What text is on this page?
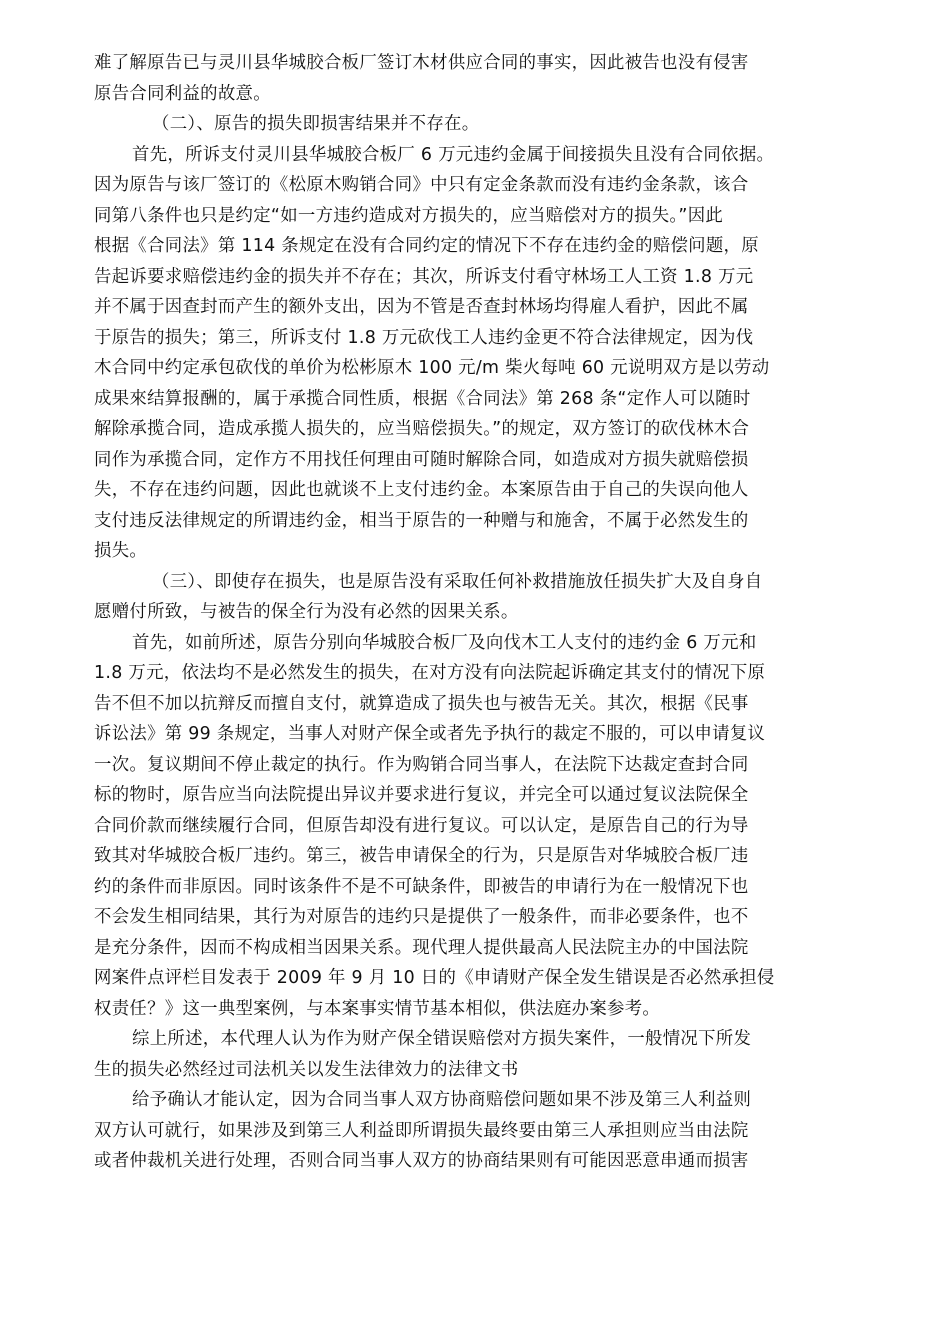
难了解原告已与灵川县华城胶合板厂签订木材供应合同的事实，因此被告也没有侵害
原告合同利益的故意。
（二）、原告的损失即损害结果并不存在。
首先，所诉支付灵川县华城胶合板厂 6 万元违约金属于间接损失且没有合同依据。
因为原告与该厂签订的《松原木购销合同》中只有定金条款而没有违约金条款，该合
同第八条件也只是约定“如一方违约造成对方损失的，应当赔偿对方的损失。”因此
根据《合同法》第 114 条规定在没有合同约定的情况下不存在违约金的赔偿问题，原
告起诉要求赔偿违约金的损失并不存在；其次，所诉支付看守林场工人工资 1.8 万元
并不属于因查封而产生的额外支出，因为不管是否查封林场均得雇人看护，因此不属
于原告的损失；第三，所诉支付 1.8 万元砍伐工人违约金更不符合法律规定，因为伐
木合同中约定承包砍伐的单价为松彬原木 100 元/m 柴火每吨 60 元说明双方是以劳动
成果來结算报酬的，属于承揽合同性质，根据《合同法》第 268 条“定作人可以随时
解除承揽合同，造成承揽人损失的，应当赔偿损失。”的规定，双方签订的砍伐林木合
同作为承揽合同，定作方不用找任何理由可随时解除合同，如造成对方损失就赔偿损
失，不存在违约问题，因此也就谈不上支付违约金。本案原告由于自己的失误向他人
支付违反法律规定的所谓违约金，相当于原告的一种赠与和施舍，不属于必然发生的
损失。
（三）、即使存在损失，也是原告没有采取任何补救措施放任损失扩大及自身自
愿赠付所致，与被告的保全行为没有必然的因果关系。
首先，如前所述，原告分别向华城胶合板厂及向伐木工人支付的违约金 6 万元和
1.8 万元，依法均不是必然发生的损失，在对方没有向法院起诉确定其支付的情况下原
告不但不加以抗辩反而擅自支付，就算造成了损失也与被告无关。其次，根据《民事
诉讼法》第 99 条规定，当事人对财产保全或者先予执行的裁定不服的，可以申请复议
一次。复议期间不停止裁定的执行。作为购销合同当事人，在法院下达裁定查封合同
标的物时，原告应当向法院提出异议并要求进行复议，并完全可以通过复议法院保全
合同价款而继续履行合同，但原告却没有进行复议。可以认定，是原告自己的行为导
致其对华城胶合板厂违约。第三，被告申请保全的行为，只是原告对华城胶合板厂违
约的条件而非原因。同时该条件不是不可缺条件，即被告的申请行为在一般情况下也
不会发生相同结果，其行为对原告的违约只是提供了一般条件，而非必要条件，也不
是充分条件，因而不构成相当因果关系。现代理人提供最高人民法院主办的中国法院
网案件点评栏目发表于 2009 年 9 月 10 日的《申请财产保全发生错误是否必然承担侵
权责任？》这一典型案例，与本案事实情节基本相似，供法庭办案参考。
综上所述，本代理人认为作为财产保全错误赔偿对方损失案件，一般情况下所发
生的损失必然经过司法机关以发生法律效力的法律文书
给予确认才能认定，因为合同当事人双方协商赔偿问题如果不涉及第三人利益则
双方认可就行，如果涉及到第三人利益即所谓损失最终要由第三人承担则应当由法院
或者仲裁机关进行处理，否则合同当事人双方的协商结果则有可能因恶意串通而损害
